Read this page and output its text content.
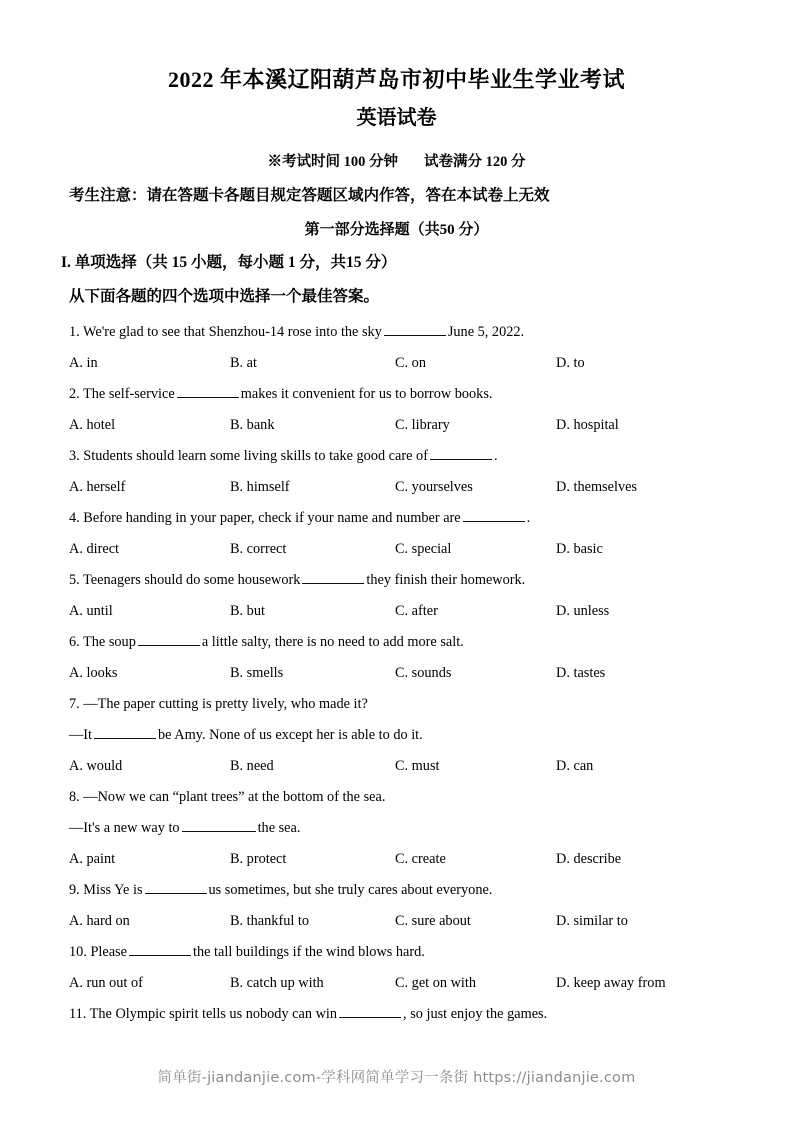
2022 年本溪辽阳葫芦岛市初中毕业生学业考试
英语试卷
※考试时间 100 分钟 试卷满分 120 分
考生注意：请在答题卡各题目规定答题区域内作答，答在本试卷上无效
第一部分选择题（共50 分）
I. 单项选择（共 15 小题，每小题 1 分，共15 分）
从下面各题的四个选项中选择一个最佳答案。
1. We're glad to see that Shenzhou-14 rose into the sky	June 5, 2022.
A. in	B. at	C. on	D. to
2. The self-service	makes it convenient for us to borrow books.
A. hotel	B. bank	C. library	D. hospital
3. Students should learn some living skills to take good care of	.
A. herself	B. himself	C. yourselves	D. themselves
4. Before handing in your paper, check if your name and number are	.
A. direct	B. correct	C. special	D. basic
5. Teenagers should do some housework	they finish their homework.
A. until	B. but	C. after	D. unless
6. The soup	a little salty, there is no need to add more salt.
A. looks	B. smells	C. sounds	D. tastes
7. —The paper cutting is pretty lively, who made it?
—It	be Amy. None of us except her is able to do it.
A. would	B. need	C. must	D. can
8. —Now we can “plant trees” at the bottom of the sea.
—It's a new way to	the sea.
A. paint	B. protect	C. create	D. describe
9. Miss Ye is	us sometimes, but she truly cares about everyone.
A. hard on	B. thankful to	C. sure about	D. similar to
10. Please	the tall buildings if the wind blows hard.
A. run out of	B. catch up with	C. get on with	D. keep away from
11. The Olympic spirit tells us nobody can win	, so just enjoy the games.
简单街-jiandanjie.com-学科网简单学习一条街 https://jiandanjie.com
